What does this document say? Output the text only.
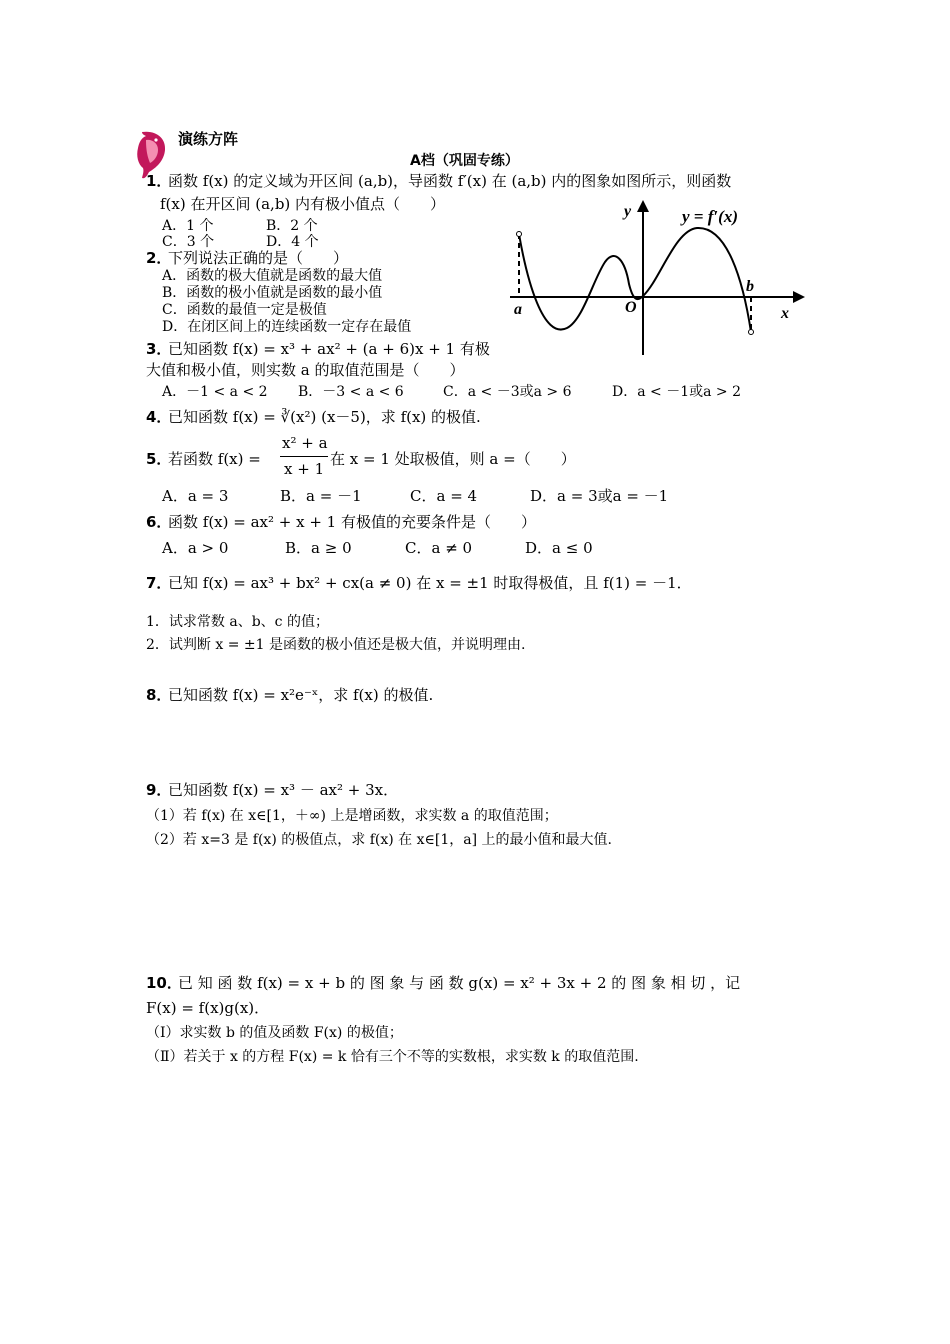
演练方阵
A档（巩固专练）
1．
函数 f(x) 的定义域为开区间 (a,b)，导函数 f′(x) 在 (a,b) 内的图象如图所示，则函数
f(x) 在开区间 (a,b) 内有极小值点（　　）
A．1 个	B．2 个
C．3 个	D．4 个
2．
下列说法正确的是（　　）
A．函数的极大值就是函数的最大值
B．函数的极小值就是函数的最小值
C．函数的最值一定是极值
D．在闭区间上的连续函数一定存在最值
y	y = f′(x)
b
a	O	x
3．
已知函数 f(x) = x³ + ax² + (a + 6)x + 1 有极
大值和极小值，则实数 a 的取值范围是（　　）
A．－1 < a < 2 B．－3 < a < 6	C．a < －3或a > 6	D．a < －1或a > 2
4．
已知函数 f(x) = ∛(x²) (x－5)，求 f(x) 的极值.
5．
若函数 f(x) =
x² + a
x + 1
在 x = 1 处取极值，则 a =（　　）
A．a = 3	B．a = －1	C．a = 4	D．a = 3或a = －1
6．
函数 f(x) = ax² + x + 1 有极值的充要条件是（　　）
A．a > 0	B．a ≥ 0	C．a ≠ 0	D．a ≤ 0
7．
已知 f(x) = ax³ + bx² + cx(a ≠ 0) 在 x = ±1 时取得极值，且 f(1) = －1．
1．试求常数 a、b、c 的值；
2．试判断 x = ±1 是函数的极小值还是极大值，并说明理由.
8．
已知函数 f(x) = x²e⁻ˣ，求 f(x) 的极值.
9．
已知函数 f(x) = x³ － ax² + 3x．
（1）若 f(x) 在 x∈[1，＋∞) 上是增函数，求实数 a 的取值范围；
（2）若 x=3 是 f(x) 的极值点，求 f(x) 在 x∈[1，a] 上的最小值和最大值.
10．
已 知 函 数 f(x) = x + b 的 图 象 与 函 数 g(x) = x² + 3x + 2 的 图 象 相 切 ，记
F(x) = f(x)g(x)．
（Ⅰ）求实数 b 的值及函数 F(x) 的极值；
（Ⅱ）若关于 x 的方程 F(x) = k 恰有三个不等的实数根，求实数 k 的取值范围.
